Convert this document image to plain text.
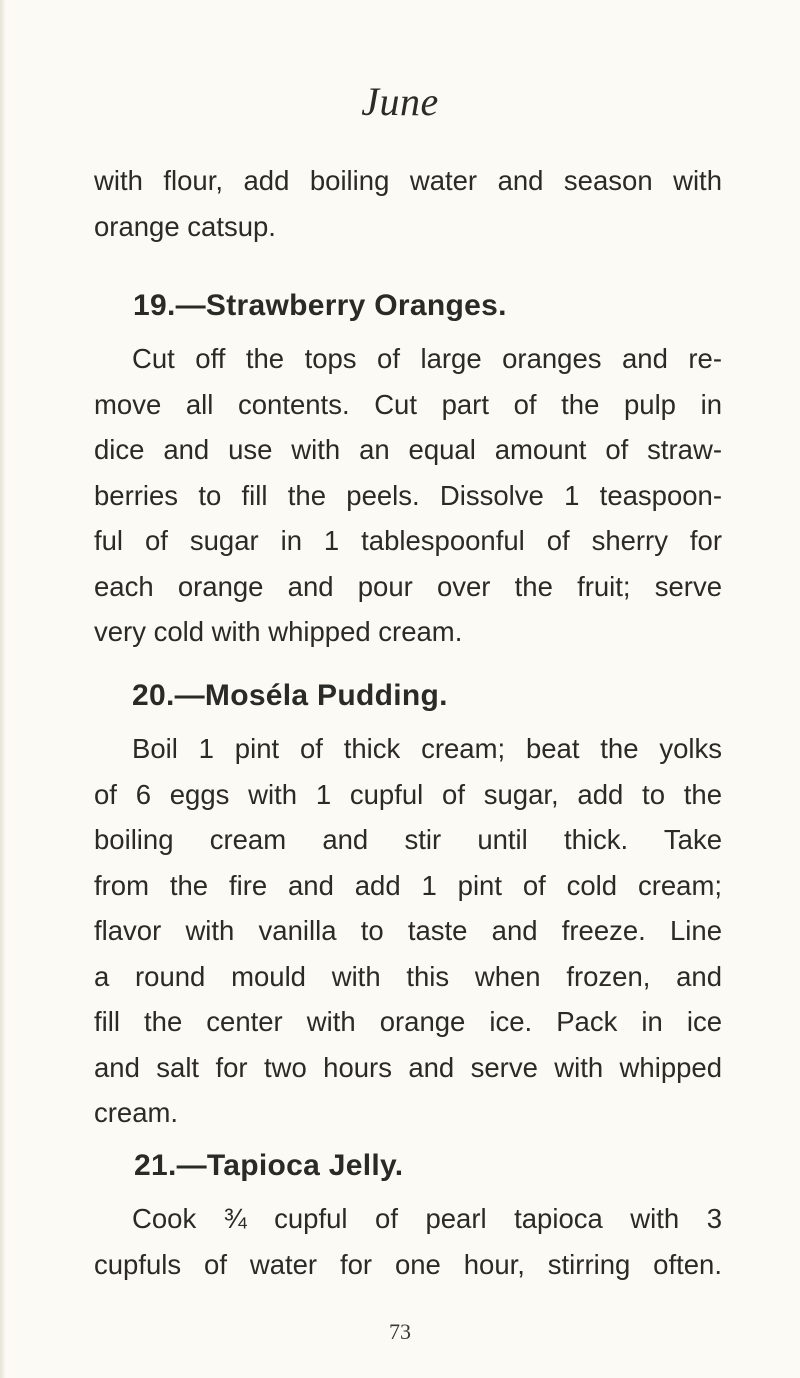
June
with flour, add boiling water and season with
orange catsup.
19.—Strawberry Oranges.
Cut off the tops of large oranges and re-
move all contents. Cut part of the pulp in
dice and use with an equal amount of straw-
berries to fill the peels. Dissolve 1 teaspoon-
ful of sugar in 1 tablespoonful of sherry for
each orange and pour over the fruit; serve
very cold with whipped cream.
20.—Moséla Pudding.
Boil 1 pint of thick cream; beat the yolks
of 6 eggs with 1 cupful of sugar, add to the
boiling cream and stir until thick. Take
from the fire and add 1 pint of cold cream;
flavor with vanilla to taste and freeze. Line
a round mould with this when frozen, and
fill the center with orange ice. Pack in ice
and salt for two hours and serve with whipped
cream.
21.—Tapioca Jelly.
Cook ¾ cupful of pearl tapioca with 3
cupfuls of water for one hour, stirring often.
73
